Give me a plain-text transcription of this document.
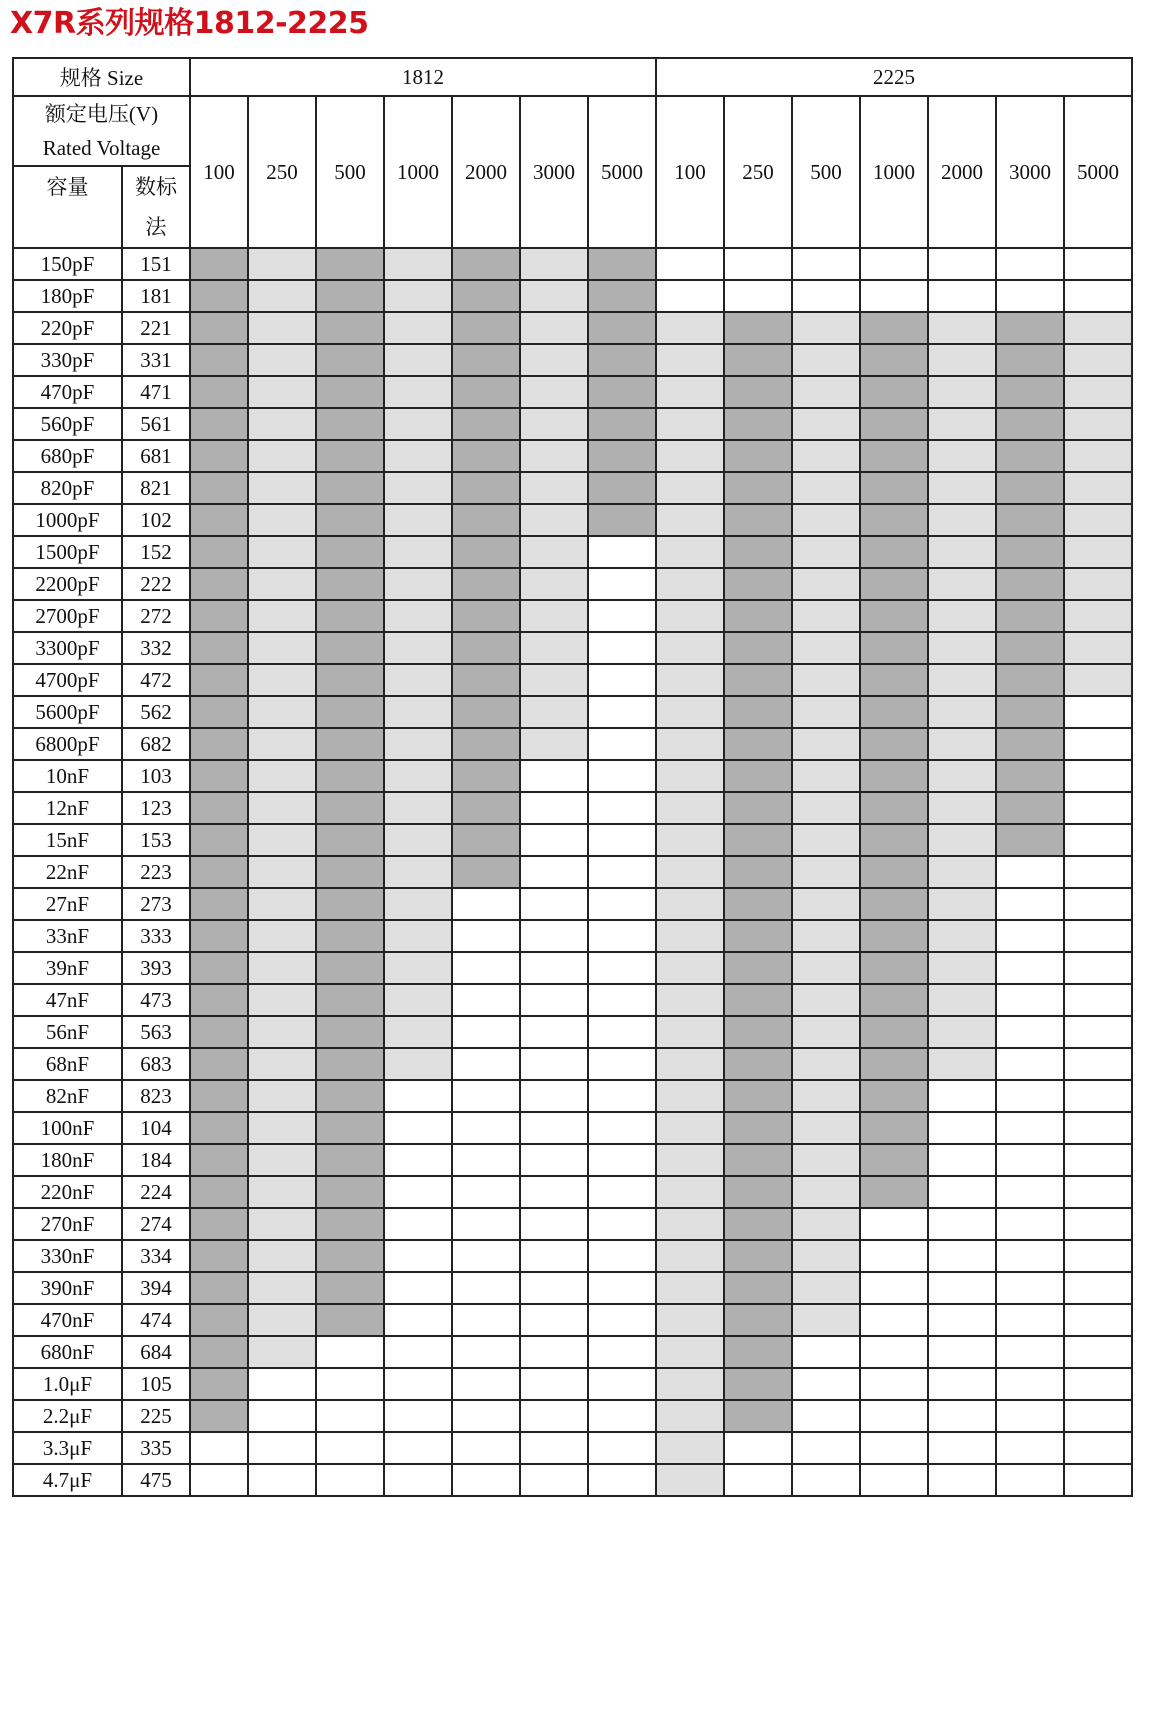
X7R系列规格1812-2225
规格 Size		1812							2225						

额定电压(V)
Rated Voltage		100	250	500	1000	2000	3000	5000	100	250	500	1000	2000	3000	5000
容量	数标
法														

150pF	151														
180pF	181														
220pF	221														
330pF	331														
470pF	471														
560pF	561														
680pF	681														
820pF	821														
1000pF	102														
1500pF	152														
2200pF	222														
2700pF	272														
3300pF	332														
4700pF	472														
5600pF	562														
6800pF	682														
10nF	103														
12nF	123														
15nF	153														
22nF	223														
27nF	273														
33nF	333														
39nF	393														
47nF	473														
56nF	563														
68nF	683														
82nF	823														
100nF	104														
180nF	184														
220nF	224														
270nF	274														
330nF	334														
390nF	394														
470nF	474														
680nF	684														
1.0μF	105														
2.2μF	225														
3.3μF	335														
4.7μF	475														
